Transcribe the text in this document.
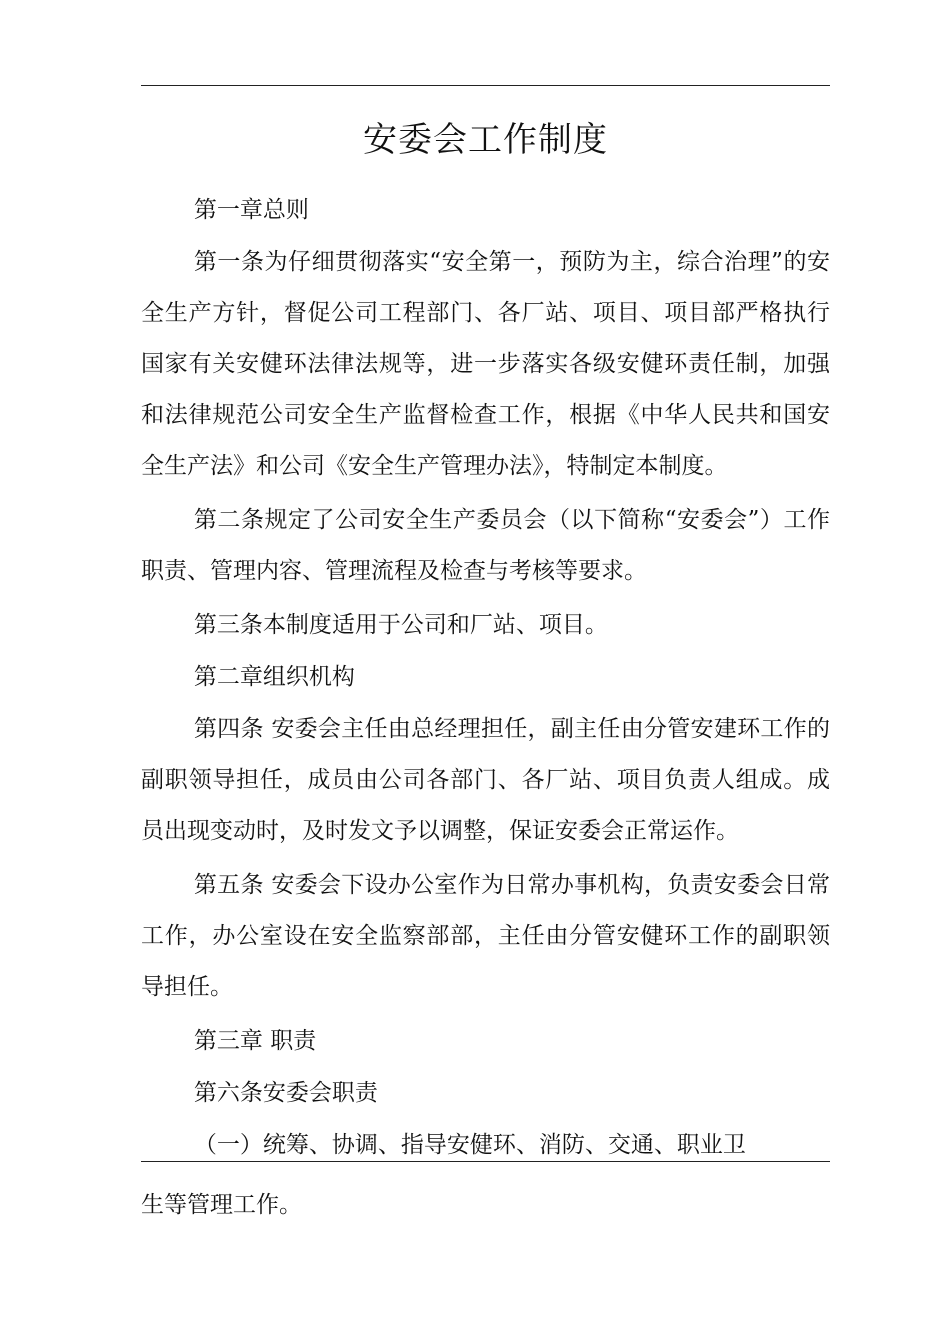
安委会工作制度

第一章总则

第一条为仔细贯彻落实“安全第一，预防为主，综合治理”的安全生产方针，督促公司工程部门、各厂站、项目、项目部严格执行国家有关安健环法律法规等，进一步落实各级安健环责任制，加强和法律规范公司安全生产监督检查工作，根据《中华人民共和国安全生产法》和公司《安全生产管理办法》，特制定本制度。

第二条规定了公司安全生产委员会（以下简称“安委会”）工作职责、管理内容、管理流程及检查与考核等要求。

第三条本制度适用于公司和厂站、项目。

第二章组织机构

第四条 安委会主任由总经理担任，副主任由分管安建环工作的副职领导担任，成员由公司各部门、各厂站、项目负责人组成。成员出现变动时，及时发文予以调整，保证安委会正常运作。

第五条 安委会下设办公室作为日常办事机构，负责安委会日常工作，办公室设在安全监察部部，主任由分管安健环工作的副职领导担任。

第三章 职责

第六条安委会职责

（一）统筹、协调、指导安健环、消防、交通、职业卫

生等管理工作。
